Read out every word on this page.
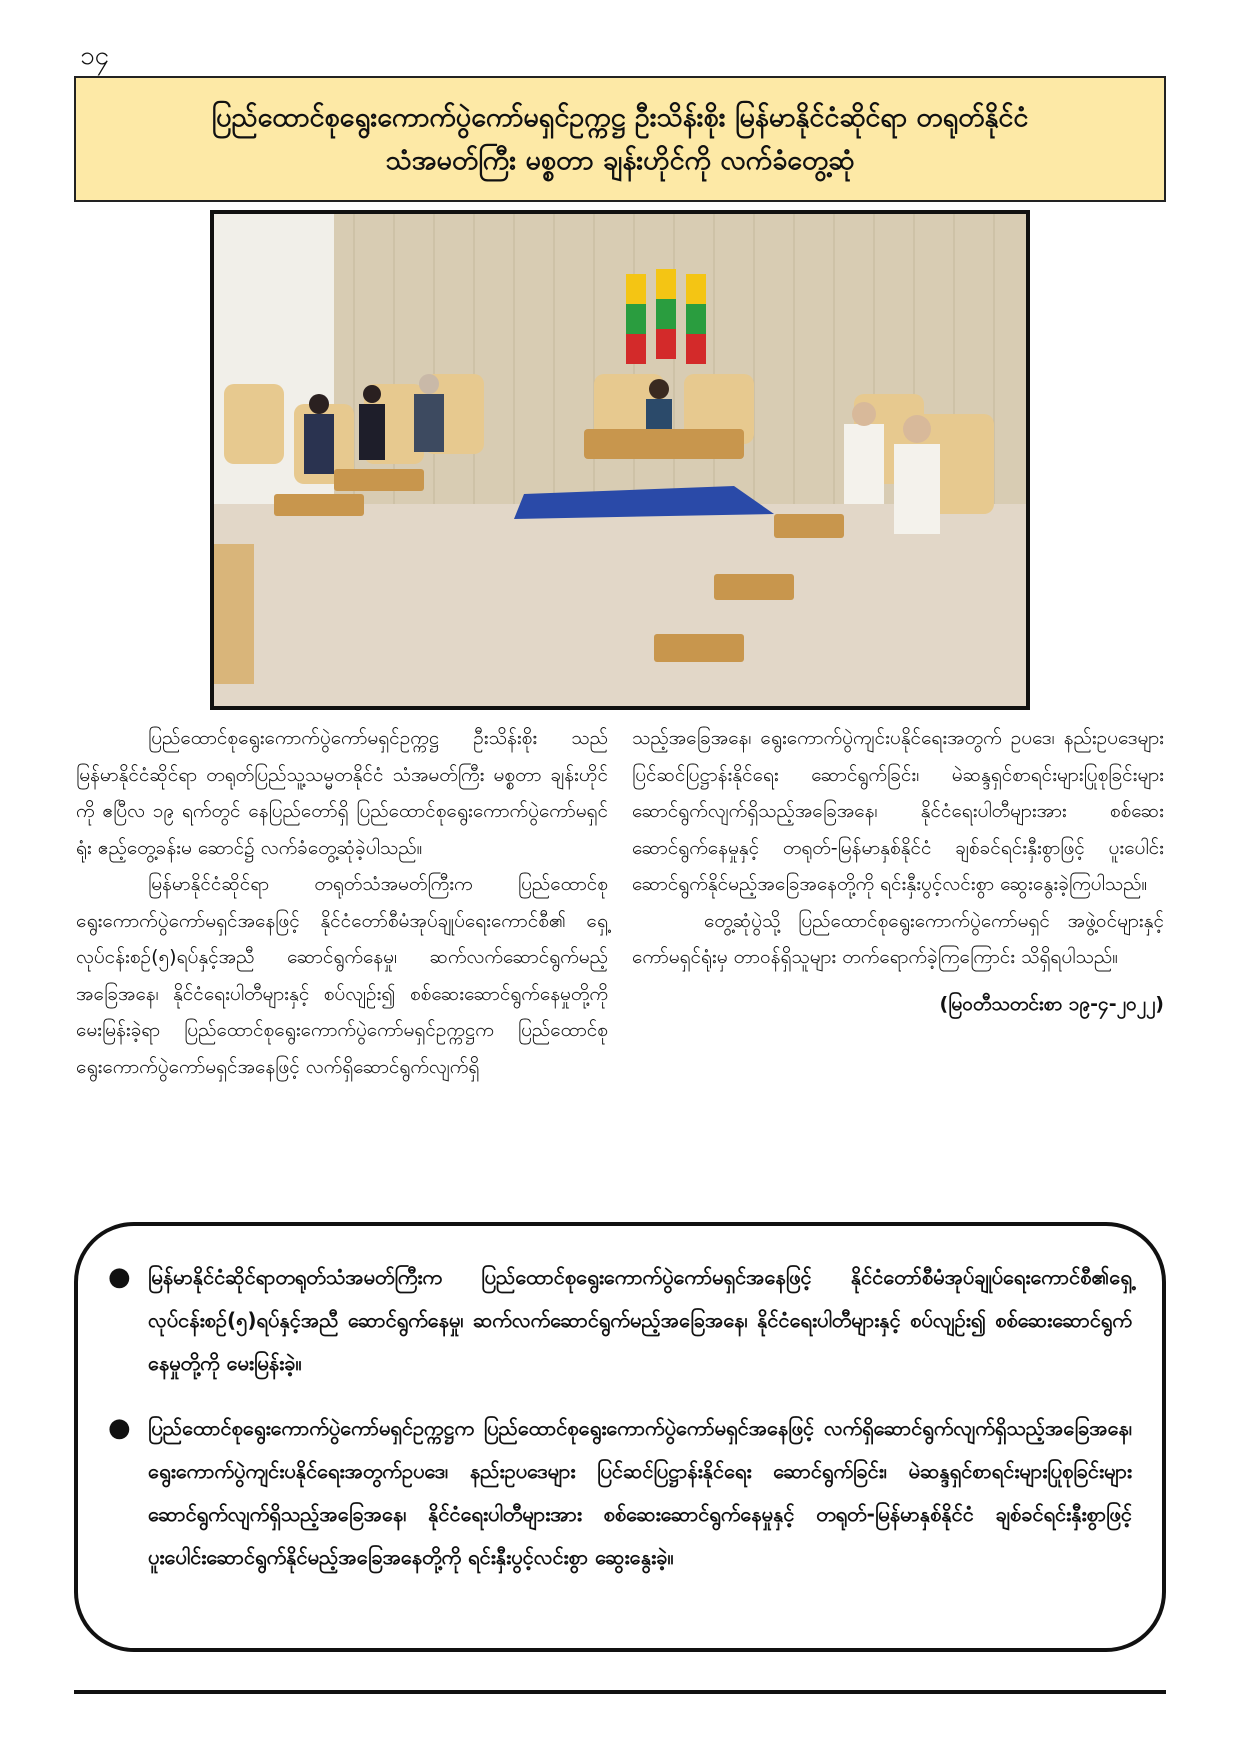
၁၄

ပြည်ထောင်စုရွေးကောက်ပွဲကော်မရှင်ဥက္ကဋ္ဌ ဦးသိန်းစိုး မြန်မာနိုင်ငံဆိုင်ရာ တရုတ်နိုင်ငံ

သံအမတ်ကြီး မစ္စတာ ချန်းဟိုင်ကို လက်ခံတွေ့ဆုံ

ပြည်ထောင်စုရွေးကောက်ပွဲကော်မရှင်ဥက္ကဋ္ဌ ဦးသိန်းစိုး သည် မြန်မာနိုင်ငံဆိုင်ရာ တရုတ်ပြည်သူ့သမ္မတနိုင်ငံ သံအမတ်ကြီး မစ္စတာ ချန်းဟိုင်ကို ဧပြီလ ၁၉ ရက်တွင် နေပြည်တော်ရှိ ပြည်ထောင်စုရွေးကောက်ပွဲကော်မရှင်ရုံး ဧည့်တွေ့ခန်းမ ဆောင်၌ လက်ခံတွေ့ဆုံခဲ့ပါသည်။

မြန်မာနိုင်ငံဆိုင်ရာ တရုတ်သံအမတ်ကြီးက ပြည်ထောင်စုရွေးကောက်ပွဲကော်မရှင်အနေဖြင့် နိုင်ငံတော်စီမံအုပ်ချုပ်ရေးကောင်စီ၏ ရှေ့လုပ်ငန်းစဉ်(၅)ရပ်နှင့်အညီ ဆောင်ရွက်နေမှု၊ ဆက်လက်ဆောင်ရွက်မည့်အခြေအနေ၊ နိုင်ငံရေးပါတီများနှင့် စပ်လျဉ်း၍ စစ်ဆေးဆောင်ရွက်နေမှုတို့ကို မေးမြန်းခဲ့ရာ ပြည်ထောင်စုရွေးကောက်ပွဲကော်မရှင်ဥက္ကဋ္ဌက ပြည်ထောင်စုရွေးကောက်ပွဲကော်မရှင်အနေဖြင့် လက်ရှိဆောင်ရွက်လျက်ရှိ

သည့်အခြေအနေ၊ ရွေးကောက်ပွဲကျင်းပနိုင်ရေးအတွက် ဥပဒေ၊ နည်းဥပဒေများ ပြင်ဆင်ပြဋ္ဌာန်းနိုင်ရေး ဆောင်ရွက်ခြင်း၊ မဲဆန္ဒရှင်စာရင်းများပြုစုခြင်းများ ဆောင်ရွက်လျက်ရှိသည့်အခြေအနေ၊ နိုင်ငံရေးပါတီများအား စစ်ဆေးဆောင်ရွက်နေမှုနှင့် တရုတ်-မြန်မာနှစ်နိုင်ငံ ချစ်ခင်ရင်းနှီးစွာဖြင့် ပူးပေါင်းဆောင်ရွက်နိုင်မည့်အခြေအနေတို့ကို ရင်းနှီးပွင့်လင်းစွာ ဆွေးနွေးခဲ့ကြပါသည်။

တွေ့ဆုံပွဲသို့ ပြည်ထောင်စုရွေးကောက်ပွဲကော်မရှင် အဖွဲ့ဝင်များနှင့် ကော်မရှင်ရုံးမှ တာဝန်ရှိသူများ တက်ရောက်ခဲ့ကြကြောင်း သိရှိရပါသည်။

(မြဝတီသတင်းစာ ၁၉-၄-၂၀၂၂)

● မြန်မာနိုင်ငံဆိုင်ရာတရုတ်သံအမတ်ကြီးက ပြည်ထောင်စုရွေးကောက်ပွဲကော်မရှင်အနေဖြင့် နိုင်ငံတော်စီမံအုပ်ချုပ်ရေးကောင်စီ၏ရှေ့လုပ်ငန်းစဉ်(၅)ရပ်နှင့်အညီ ဆောင်ရွက်နေမှု၊ ဆက်လက်ဆောင်ရွက်မည့်အခြေအနေ၊ နိုင်ငံရေးပါတီများနှင့် စပ်လျဉ်း၍ စစ်ဆေးဆောင်ရွက်နေမှုတို့ကို မေးမြန်းခဲ့။
● ပြည်ထောင်စုရွေးကောက်ပွဲကော်မရှင်ဥက္ကဋ္ဌက ပြည်ထောင်စုရွေးကောက်ပွဲကော်မရှင်အနေဖြင့် လက်ရှိဆောင်ရွက်လျက်ရှိသည့်အခြေအနေ၊ ရွေးကောက်ပွဲကျင်းပနိုင်ရေးအတွက်ဥပဒေ၊ နည်းဥပဒေများ ပြင်ဆင်ပြဋ္ဌာန်းနိုင်ရေး ဆောင်ရွက်ခြင်း၊ မဲဆန္ဒရှင်စာရင်းများပြုစုခြင်းများ ဆောင်ရွက်လျက်ရှိသည့်အခြေအနေ၊ နိုင်ငံရေးပါတီများအား စစ်ဆေးဆောင်ရွက်နေမှုနှင့် တရုတ်-မြန်မာနှစ်နိုင်ငံ ချစ်ခင်ရင်းနှီးစွာဖြင့် ပူးပေါင်းဆောင်ရွက်နိုင်မည့်အခြေအနေတို့ကို ရင်းနှီးပွင့်လင်းစွာ ဆွေးနွေးခဲ့။
